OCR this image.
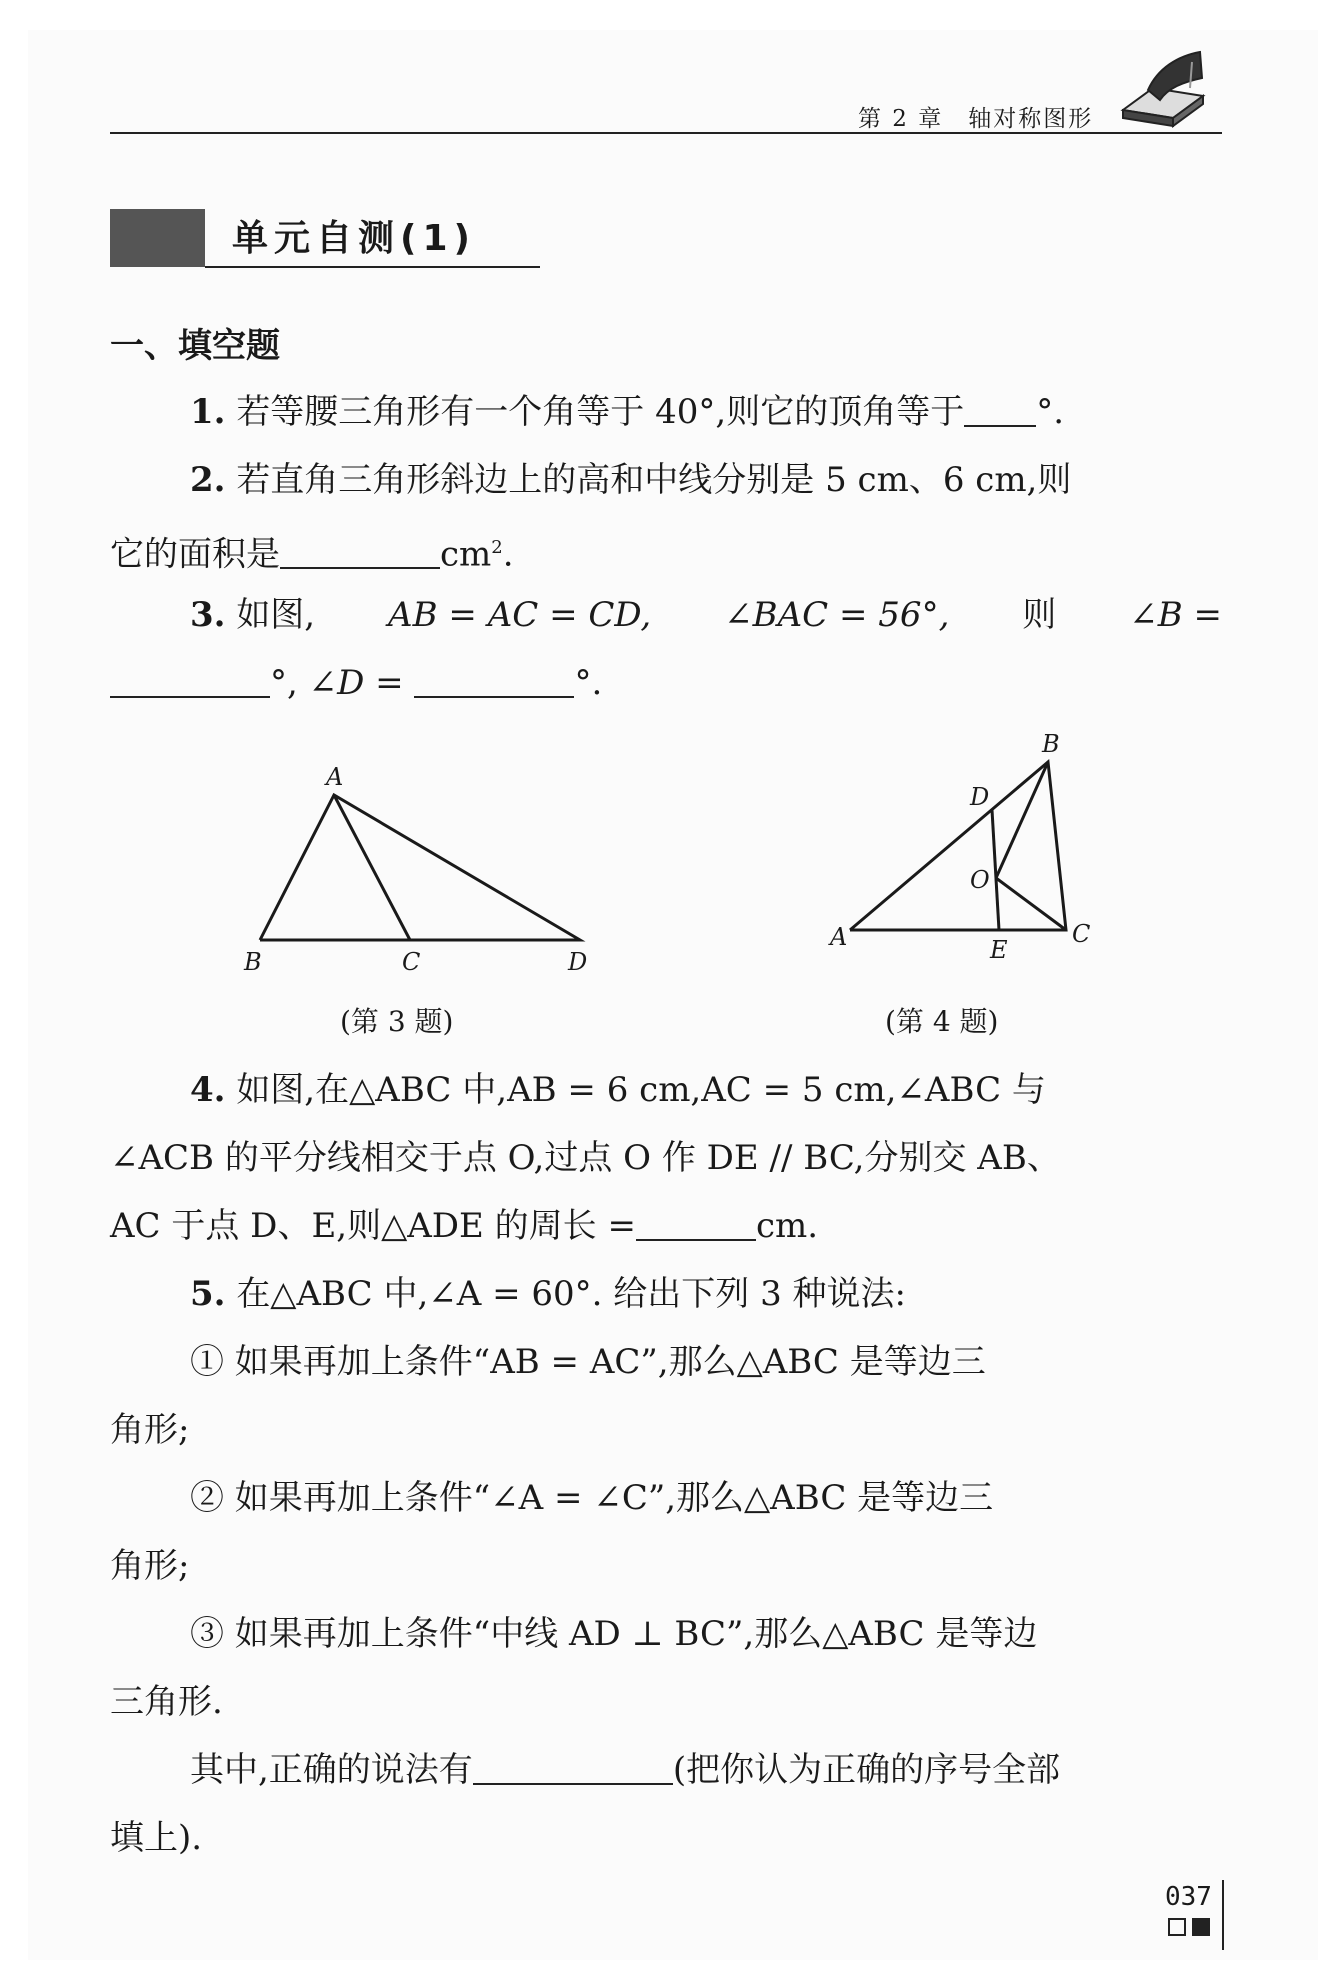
第 2 章　轴对称图形
单元自测(1)
一、填空题
1. 若等腰三角形有一个角等于 40°,则它的顶角等于 °.
2. 若直角三角形斜边上的高和中线分别是 5 cm、6 cm,则
它的面积是	$cm^2$.
3. 如图, AB = AC = CD, ∠BAC = 56°, 则 ∠B =
°, ∠D =	°.
A
B	C	D
(第 3 题)
B
D
O
A	E
C
(第 4 题)
4. 如图,在△ABC 中,AB = 6 cm,AC = 5 cm,∠ABC 与
∠ACB 的平分线相交于点 O,过点 O 作 DE // BC,分别交 AB、
AC 于点 D、E,则△ADE 的周长 =	cm.
5. 在△ABC 中,∠A = 60°. 给出下列 3 种说法:
① 如果再加上条件“AB = AC”,那么△ABC 是等边三
角形;
② 如果再加上条件“∠A = ∠C”,那么△ABC 是等边三
角形;
③ 如果再加上条件“中线 AD ⊥ BC”,那么△ABC 是等边
三角形.
其中,正确的说法有	(把你认为正确的序号全部
填上).
037
